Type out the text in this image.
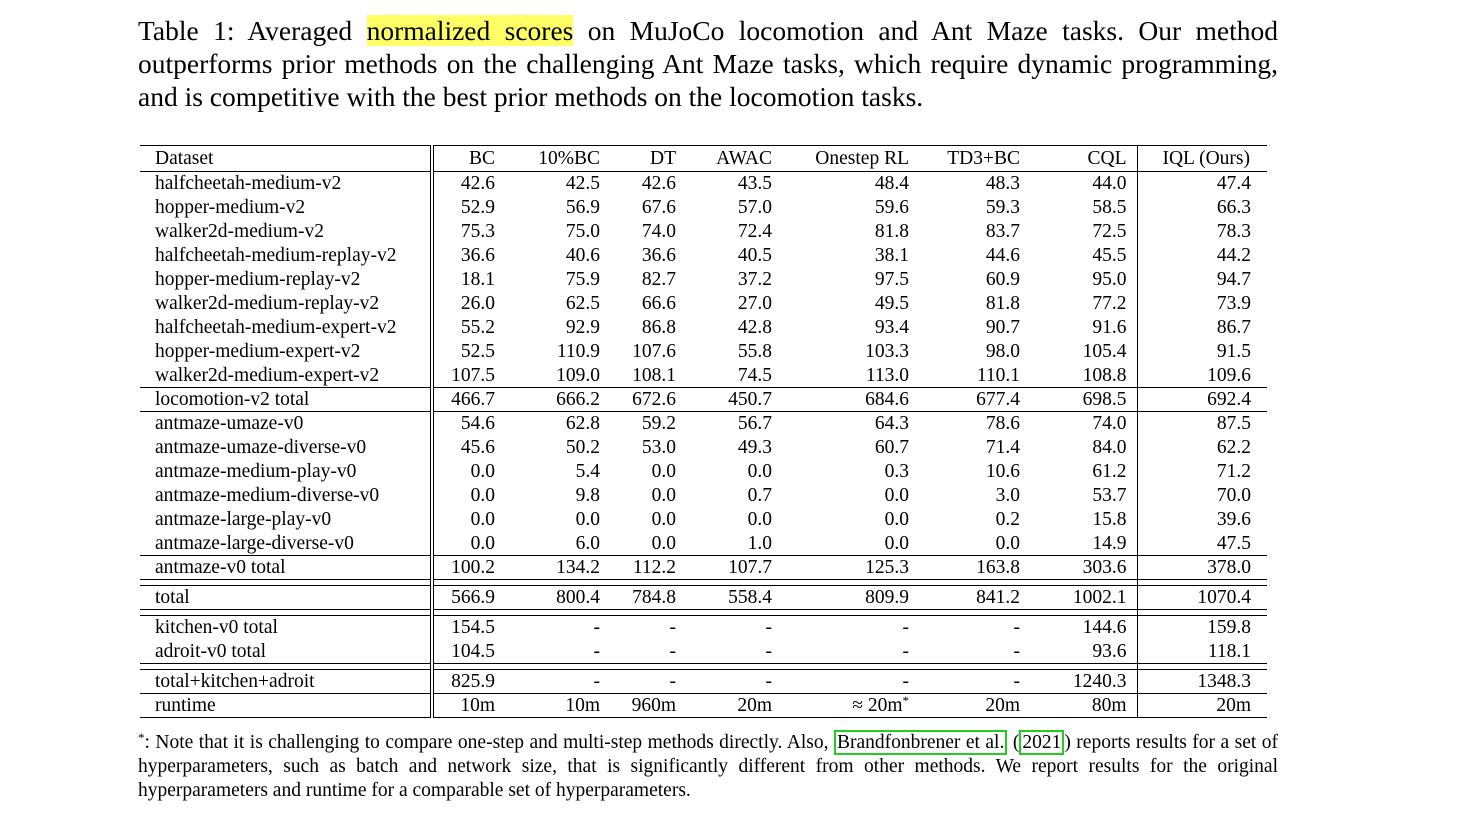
Table 1: Averaged normalized scores on MuJoCo locomotion and Ant Maze tasks. Our method outperforms prior methods on the challenging Ant Maze tasks, which require dynamic programming, and is competitive with the best prior methods on the locomotion tasks.
Dataset	BC	10%BC	DT	AWAC	Onestep RL	TD3+BC	CQL	IQL (Ours)
halfcheetah-medium-v2	42.6	42.5	42.6	43.5	48.4	48.3	44.0	47.4
hopper-medium-v2	52.9	56.9	67.6	57.0	59.6	59.3	58.5	66.3
walker2d-medium-v2	75.3	75.0	74.0	72.4	81.8	83.7	72.5	78.3
halfcheetah-medium-replay-v2	36.6	40.6	36.6	40.5	38.1	44.6	45.5	44.2
hopper-medium-replay-v2	18.1	75.9	82.7	37.2	97.5	60.9	95.0	94.7
walker2d-medium-replay-v2	26.0	62.5	66.6	27.0	49.5	81.8	77.2	73.9
halfcheetah-medium-expert-v2	55.2	92.9	86.8	42.8	93.4	90.7	91.6	86.7
hopper-medium-expert-v2	52.5	110.9	107.6	55.8	103.3	98.0	105.4	91.5
walker2d-medium-expert-v2	107.5	109.0	108.1	74.5	113.0	110.1	108.8	109.6
locomotion-v2 total	466.7	666.2	672.6	450.7	684.6	677.4	698.5	692.4
antmaze-umaze-v0	54.6	62.8	59.2	56.7	64.3	78.6	74.0	87.5
antmaze-umaze-diverse-v0	45.6	50.2	53.0	49.3	60.7	71.4	84.0	62.2
antmaze-medium-play-v0	0.0	5.4	0.0	0.0	0.3	10.6	61.2	71.2
antmaze-medium-diverse-v0	0.0	9.8	0.0	0.7	0.0	3.0	53.7	70.0
antmaze-large-play-v0	0.0	0.0	0.0	0.0	0.0	0.2	15.8	39.6
antmaze-large-diverse-v0	0.0	6.0	0.0	1.0	0.0	0.0	14.9	47.5
antmaze-v0 total	100.2	134.2	112.2	107.7	125.3	163.8	303.6	378.0

total	566.9	800.4	784.8	558.4	809.9	841.2	1002.1	1070.4

kitchen-v0 total	154.5	-	-	-	-	-	144.6	159.8
adroit-v0 total	104.5	-	-	-	-	-	93.6	118.1

total+kitchen+adroit	825.9	-	-	-	-	-	1240.3	1348.3
runtime	10m	10m	960m	20m	≈ 20m*	20m	80m	20m
*: Note that it is challenging to compare one-step and multi-step methods directly. Also, Brandfonbrener et al. ( 2021 ) reports results for a set of hyperparameters, such as batch and network size, that is significantly different from other methods. We report results for the original hyperparameters and runtime for a comparable set of hyperparameters.
